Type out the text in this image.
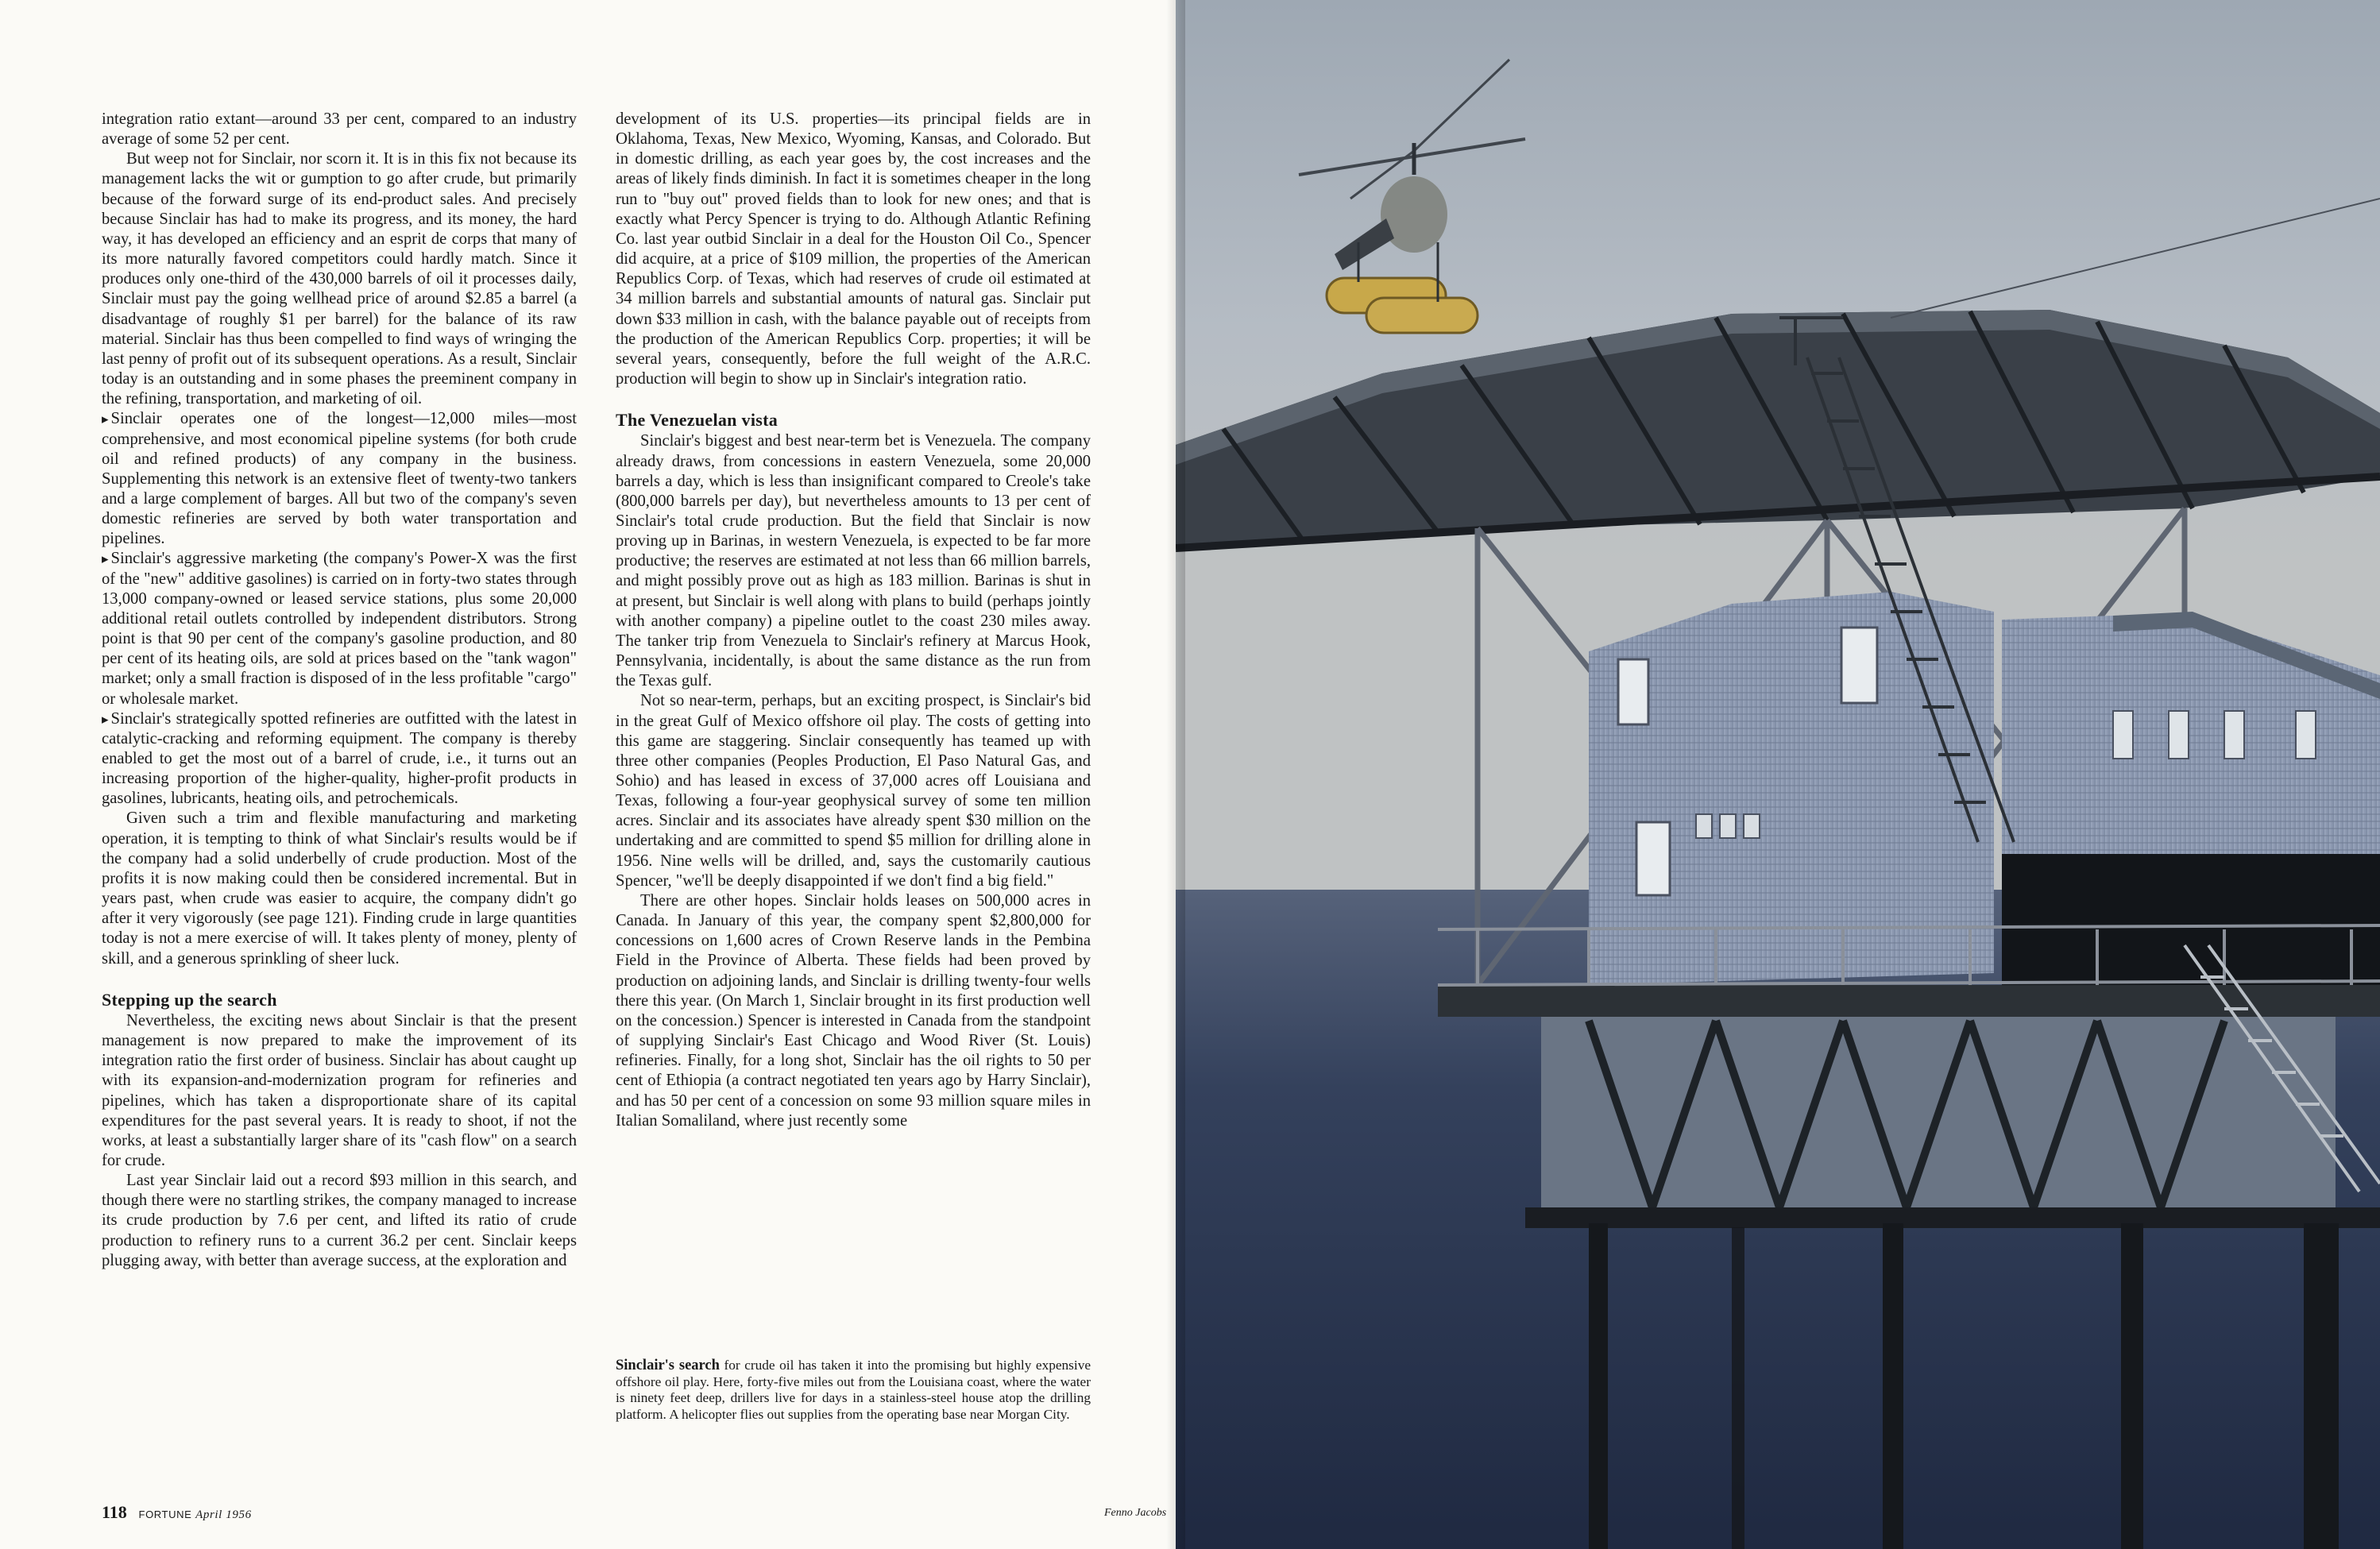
integration ratio extant—around 33 per cent, compared to an industry average of some 52 per cent.

But weep not for Sinclair, nor scorn it. It is in this fix not because its management lacks the wit or gumption to go after crude, but primarily because of the forward surge of its end-product sales. And precisely because Sinclair has had to make its progress, and its money, the hard way, it has developed an efficiency and an esprit de corps that many of its more naturally favored competitors could hardly match. Since it produces only one-third of the 430,000 barrels of oil it processes daily, Sinclair must pay the going wellhead price of around $2.85 a barrel (a disadvantage of roughly $1 per barrel) for the balance of its raw material. Sinclair has thus been compelled to find ways of wringing the last penny of profit out of its subsequent operations. As a result, Sinclair today is an outstanding and in some phases the preeminent company in the refining, transportation, and marketing of oil.

▸ Sinclair operates one of the longest—12,000 miles—most comprehensive, and most economical pipeline systems (for both crude oil and refined products) of any company in the business. Supplementing this network is an extensive fleet of twenty-two tankers and a large complement of barges. All but two of the company's seven domestic refineries are served by both water transportation and pipelines.

▸ Sinclair's aggressive marketing (the company's Power-X was the first of the "new" additive gasolines) is carried on in forty-two states through 13,000 company-owned or leased service stations, plus some 20,000 additional retail outlets controlled by independent distributors. Strong point is that 90 per cent of the company's gasoline production, and 80 per cent of its heating oils, are sold at prices based on the "tank wagon" market; only a small fraction is disposed of in the less profitable "cargo" or wholesale market.

▸ Sinclair's strategically spotted refineries are outfitted with the latest in catalytic-cracking and reforming equipment. The company is thereby enabled to get the most out of a barrel of crude, i.e., it turns out an increasing proportion of the higher-quality, higher-profit products in gasolines, lubricants, heating oils, and petrochemicals.

Given such a trim and flexible manufacturing and marketing operation, it is tempting to think of what Sinclair's results would be if the company had a solid underbelly of crude production. Most of the profits it is now making could then be considered incremental. But in years past, when crude was easier to acquire, the company didn't go after it very vigorously (see page 121). Finding crude in large quantities today is not a mere exercise of will. It takes plenty of money, plenty of skill, and a generous sprinkling of sheer luck.

Stepping up the search

Nevertheless, the exciting news about Sinclair is that the present management is now prepared to make the improvement of its integration ratio the first order of business. Sinclair has about caught up with its expansion-and-modernization program for refineries and pipelines, which has taken a disproportionate share of its capital expenditures for the past several years. It is ready to shoot, if not the works, at least a substantially larger share of its "cash flow" on a search for crude.

Last year Sinclair laid out a record $93 million in this search, and though there were no startling strikes, the company managed to increase its crude production by 7.6 per cent, and lifted its ratio of crude production to refinery runs to a current 36.2 per cent. Sinclair keeps plugging away, with better than average success, at the exploration and

development of its U.S. properties—its principal fields are in Oklahoma, Texas, New Mexico, Wyoming, Kansas, and Colorado. But in domestic drilling, as each year goes by, the cost increases and the areas of likely finds diminish. In fact it is sometimes cheaper in the long run to "buy out" proved fields than to look for new ones; and that is exactly what Percy Spencer is trying to do. Although Atlantic Refining Co. last year outbid Sinclair in a deal for the Houston Oil Co., Spencer did acquire, at a price of $109 million, the properties of the American Republics Corp. of Texas, which had reserves of crude oil estimated at 34 million barrels and substantial amounts of natural gas. Sinclair put down $33 million in cash, with the balance payable out of receipts from the production of the American Republics Corp. properties; it will be several years, consequently, before the full weight of the A.R.C. production will begin to show up in Sinclair's integration ratio.

The Venezuelan vista

Sinclair's biggest and best near-term bet is Venezuela. The company already draws, from concessions in eastern Venezuela, some 20,000 barrels a day, which is less than insignificant compared to Creole's take (800,000 barrels per day), but nevertheless amounts to 13 per cent of Sinclair's total crude production. But the field that Sinclair is now proving up in Barinas, in western Venezuela, is expected to be far more productive; the reserves are estimated at not less than 66 million barrels, and might possibly prove out as high as 183 million. Barinas is shut in at present, but Sinclair is well along with plans to build (perhaps jointly with another company) a pipeline outlet to the coast 230 miles away. The tanker trip from Venezuela to Sinclair's refinery at Marcus Hook, Pennsylvania, incidentally, is about the same distance as the run from the Texas gulf.

Not so near-term, perhaps, but an exciting prospect, is Sinclair's bid in the great Gulf of Mexico offshore oil play. The costs of getting into this game are staggering. Sinclair consequently has teamed up with three other companies (Peoples Production, El Paso Natural Gas, and Sohio) and has leased in excess of 37,000 acres off Louisiana and Texas, following a four-year geophysical survey of some ten million acres. Sinclair and its associates have already spent $30 million on the undertaking and are committed to spend $5 million for drilling alone in 1956. Nine wells will be drilled, and, says the customarily cautious Spencer, "we'll be deeply disappointed if we don't find a big field."

There are other hopes. Sinclair holds leases on 500,000 acres in Canada. In January of this year, the company spent $2,800,000 for concessions on 1,600 acres of Crown Reserve lands in the Pembina Field in the Province of Alberta. These fields had been proved by production on adjoining lands, and Sinclair is drilling twenty-four wells there this year. (On March 1, Sinclair brought in its first production well on the concession.) Spencer is interested in Canada from the standpoint of supplying Sinclair's East Chicago and Wood River (St. Louis) refineries. Finally, for a long shot, Sinclair has the oil rights to 50 per cent of Ethiopia (a contract negotiated ten years ago by Harry Sinclair), and has 50 per cent of a concession on some 93 million square miles in Italian Somaliland, where just recently some

Sinclair's search for crude oil has taken it into the promising but highly expensive offshore oil play. Here, forty-five miles out from the Louisiana coast, where the water is ninety feet deep, drillers live for days in a stainless-steel house atop the drilling platform. A helicopter flies out supplies from the operating base near Morgan City.
118 FORTUNE April 1956	Fenno Jacobs
